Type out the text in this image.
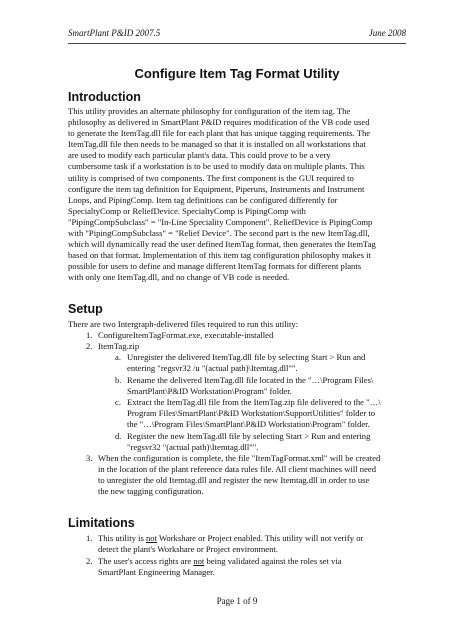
SmartPlant P&ID 2007.5	June 2008
Configure Item Tag Format Utility
Introduction
This utility provides an alternate philosophy for configuration of the item tag. The
philosophy as delivered in SmartPlant P&ID requires modification of the VB code used
to generate the ItemTag.dll file for each plant that has unique tagging requirements. The
ItemTag.dll file then needs to be managed so that it is installed on all workstations that
are used to modify each particular plant's data. This could prove to be a very
cumbersome task if a workstation is to be used to modify data on multiple plants. This
utility is comprised of two components. The first component is the GUI required to
configure the item tag definition for Equipment, Piperuns, Instruments and Instrument
Loops, and PipingComp. Item tag definitions can be configured differently for
SpecialtyComp or ReliefDevice. SpecialtyComp is PipingComp with
"PipingCompSubclass" = "In-Line Speciality Component". ReliefDevice is PipingComp
with "PipingCompSubclass" = "Relief Device". The second part is the new ItemTag.dll,
which will dynamically read the user defined ItemTag format, then generates the ItemTag
based on that format. Implementation of this item tag configuration philosophy makes it
possible for users to define and manage different ItemTag formats for different plants
with only one ItemTag.dll, and no change of VB code is needed.
Setup
There are two Intergraph-delivered files required to run this utility:
1. ConfigureItemTagFormat.exe, executable-installed
2. ItemTag.zip
a. Unregister the delivered ItemTag.dll file by selecting Start > Run and
entering "regsvr32 /u "(actual path)\Itemtag.dll"".
b. Rename the delivered ItemTag.dll file located in the "…\Program Files\
SmartPlant\P&ID Workstation\Program" folder.
c. Extract the ItemTag.dll file from the ItemTag.zip file delivered to the "…\
Program Files\SmartPlant\P&ID Workstation\SupportUtilities" folder to
the "…\Program Files\SmartPlant\P&ID Workstation\Program" folder.
d. Register the new ItemTag.dll file by selecting Start > Run and entering
"regsvr32 "(actual path)\Itemtag.dll"".
3. When the configuration is complete, the file "ItemTagFormat.xml" will be created
in the location of the plant reference data rules file. All client machines will need
to unregister the old Itemtag.dll and register the new Itemtag.dll in order to use
the new tagging configuration.
Limitations
1. This utility is not Workshare or Project enabled. This utility will not verify or
detect the plant's Workshare or Project environment.
2. The user's access rights are not being validated against the roles set via
SmartPlant Engineering Manager.
Page 1 of 9
